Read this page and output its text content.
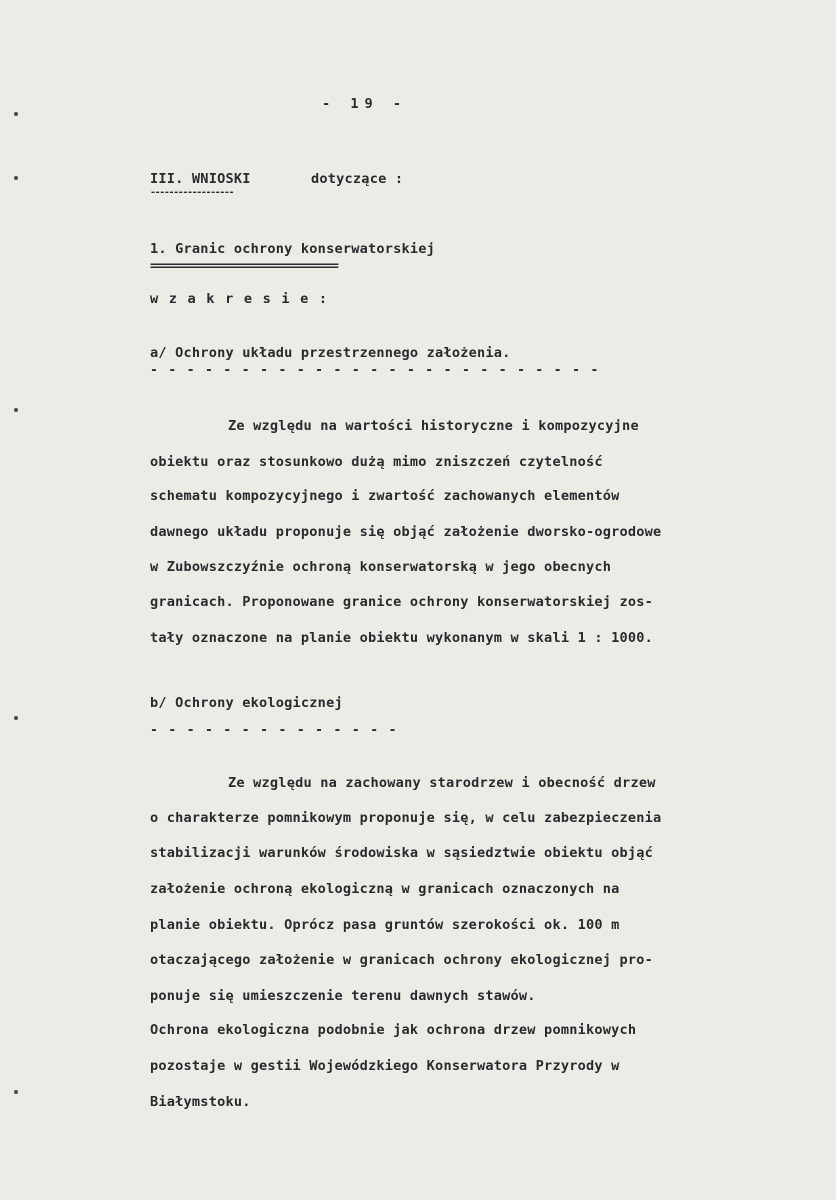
- 19 -
III. WNIOSKI	dotyczące :
------------------
1. Granic ochrony konserwatorskiej
===================================
w z a k r e s i e :
a/ Ochrony układu przestrzennego założenia.
- - - - - - - - - - - - - - - - - - - - - - - - -
Ze względu na wartości historyczne i kompozycyjne
obiektu oraz stosunkowo dużą mimo zniszczeń czytelność
schematu kompozycyjnego i zwartość zachowanych elementów
dawnego układu proponuje się objąć założenie dworsko-ogrodowe
w Zubowszczyźnie ochroną konserwatorską w jego obecnych
granicach. Proponowane granice ochrony konserwatorskiej zos-
tały oznaczone na planie obiektu wykonanym w skali 1 : 1000.
b/ Ochrony ekologicznej
- - - - - - - - - - - - - -
Ze względu na zachowany starodrzew i obecność drzew
o charakterze pomnikowym proponuje się, w celu zabezpieczenia
stabilizacji warunków środowiska w sąsiedztwie obiektu objąć
założenie ochroną ekologiczną w granicach oznaczonych na
planie obiektu. Oprócz pasa gruntów szerokości ok. 100 m
otaczającego założenie w granicach ochrony ekologicznej pro-
ponuje się umieszczenie terenu dawnych stawów.
Ochrona ekologiczna podobnie jak ochrona drzew pomnikowych
pozostaje w gestii Wojewódzkiego Konserwatora Przyrody w
Białymstoku.
